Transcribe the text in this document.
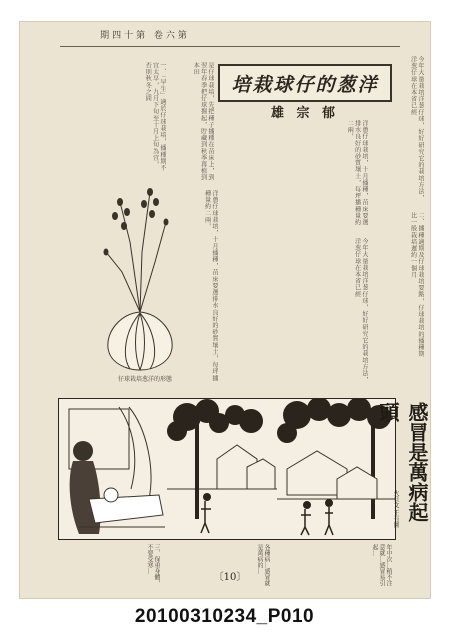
期四十第 卷六第
今年大量栽培洋葱仔球，好好研究它的栽培方法，洋葱仔球在本省已經
二、播種適期及仔球栽培要點，仔球栽培的播種期比一般栽培遲約一個月
培栽球仔的葱洋
雄 宗 郁
是仔球栽培，先把種子播種在苗床上，到翌年春季把仔球掘起，貯藏到秋季再植到本田
洋蔥仔球栽培，十月播種，苗床要選排水良好的砂質壤土，每坪播種量約二兩，
今年大量栽培洋葱仔球，好好研究它的栽培方法，洋葱仔球在本省已經
洋蔥仔球栽培，十月播種，苗床要選排水良好的砂質壤土，每坪播種量約二兩，
一、「早生」適於仔球栽培，播種期不宜太早，九月下旬至十月上旬為宜，否則秋冬之間
仔球栽培葱洋的形態
感冒是萬病起頭
火旦文 王有圖
三、保重身體，不要受寒…	各種病…感冒就是萬病的…	年中次…稍不注意就…感冒易引起…
〔10〕
20100310234_P010
